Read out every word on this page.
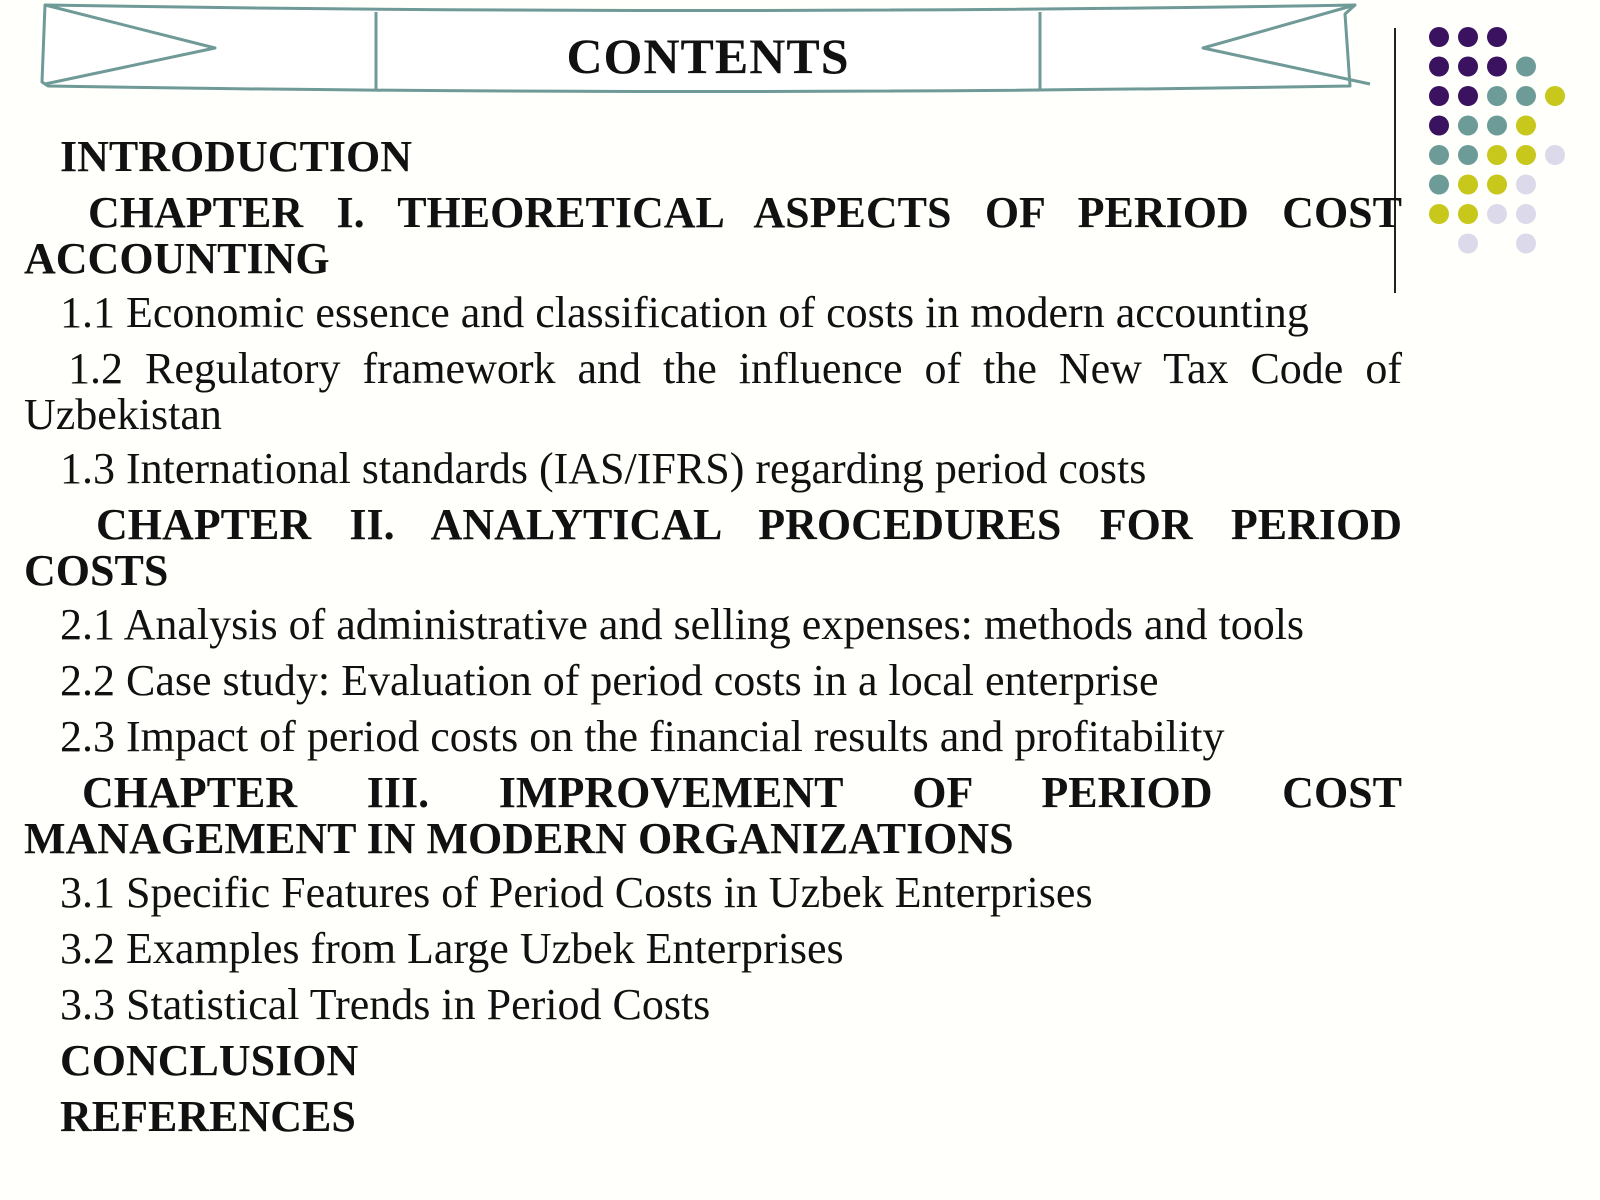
CONTENTS
INTRODUCTION
CHAPTER I. THEORETICAL ASPECTS OF PERIOD COST
ACCOUNTING
1.1 Economic essence and classification of costs in modern accounting
1.2 Regulatory framework and the influence of the New Tax Code of
Uzbekistan
1.3 International standards (IAS/IFRS) regarding period costs
CHAPTER II. ANALYTICAL PROCEDURES FOR PERIOD
COSTS
2.1 Analysis of administrative and selling expenses: methods and tools
2.2 Case study: Evaluation of period costs in a local enterprise
2.3 Impact of period costs on the financial results and profitability
CHAPTER III. IMPROVEMENT OF PERIOD COST
MANAGEMENT IN MODERN ORGANIZATIONS
3.1 Specific Features of Period Costs in Uzbek Enterprises
3.2 Examples from Large Uzbek Enterprises
3.3 Statistical Trends in Period Costs
CONCLUSION
REFERENCES
